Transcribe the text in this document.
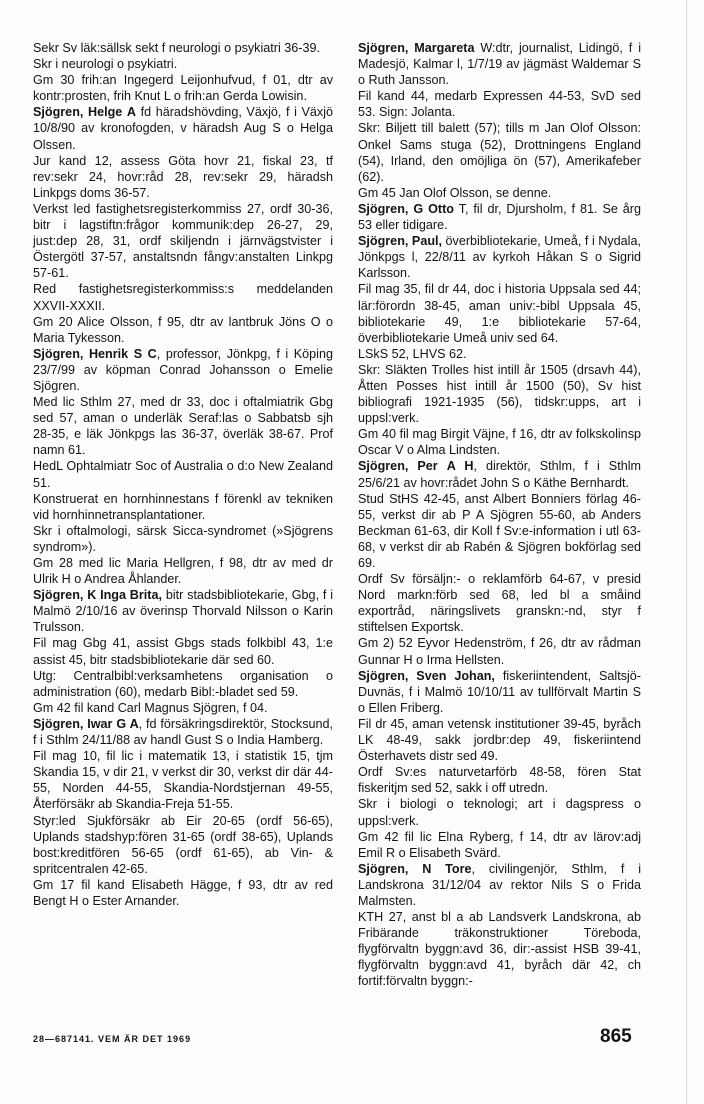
Sekr Sv läk:sällsk sekt f neurologi o psykiatri 36-39.
Skr i neurologi o psykiatri.
Gm 30 frih:an Ingegerd Leijonhufvud, f 01, dtr av kontr:prosten, frih Knut L o frih:an Gerda Lowisin.
Sjögren, Helge A fd häradshövding, Växjö, f i Växjö 10/8/90 av kronofogden, v häradsh Aug S o Helga Olssen.
Jur kand 12, assess Göta hovr 21, fiskal 23, tf rev:sekr 24, hovr:råd 28, rev:sekr 29, häradsh Linkpgs doms 36-57.
Verkst led fastighetsregisterkommiss 27, ordf 30-36, bitr i lagstiftn:frågor kommunik:dep 26-27, 29, just:dep 28, 31, ordf skiljendn i järnvägstvister i Östergötl 37-57, anstaltsndn fångv:anstalten Linkpg 57-61.
Red fastighetsregisterkommiss:s meddelanden XXVII-XXXII.
Gm 20 Alice Olsson, f 95, dtr av lantbruk Jöns O o Maria Tykesson.
Sjögren, Henrik S C, professor, Jönkpg, f i Köping 23/7/99 av köpman Conrad Johansson o Emelie Sjögren.
Med lic Sthlm 27, med dr 33, doc i oftalmiatrik Gbg sed 57, aman o underläk Seraf:las o Sabbatsb sjh 28-35, e läk Jönkpgs las 36-37, överläk 38-67. Prof namn 61.
HedL Ophtalmiatr Soc of Australia o d:o New Zealand 51.
Konstruerat en hornhinnestans f förenkl av tekniken vid hornhinnetransplantationer.
Skr i oftalmologi, särsk Sicca-syndromet (»Sjögrens syndrom»).
Gm 28 med lic Maria Hellgren, f 98, dtr av med dr Ulrik H o Andrea Åhlander.
Sjögren, K Inga Brita, bitr stadsbibliotekarie, Gbg, f i Malmö 2/10/16 av överinsp Thorvald Nilsson o Karin Trulsson.
Fil mag Gbg 41, assist Gbgs stads folkbibl 43, 1:e assist 45, bitr stadsbibliotekarie där sed 60.
Utg: Centralbibl:verksamhetens organisation o administration (60), medarb Bibl:-bladet sed 59.
Gm 42 fil kand Carl Magnus Sjögren, f 04.
Sjögren, Iwar G A, fd försäkringsdirektör, Stocksund, f i Sthlm 24/11/88 av handl Gust S o India Hamberg.
Fil mag 10, fil lic i matematik 13, i statistik 15, tjm Skandia 15, v dir 21, v verkst dir 30, verkst dir där 44-55, Norden 44-55, Skandia-Nordstjernan 49-55, Återförsäkr ab Skandia-Freja 51-55.
Styr:led Sjukförsäkr ab Eir 20-65 (ordf 56-65), Uplands stadshyp:fören 31-65 (ordf 38-65), Uplands bost:kreditfören 56-65 (ordf 61-65), ab Vin- & spritcentralen 42-65.
Gm 17 fil kand Elisabeth Hägge, f 93, dtr av red Bengt H o Ester Arnander.
Sjögren, Margareta W:dtr, journalist, Lidingö, f i Madesjö, Kalmar l, 1/7/19 av jägmäst Waldemar S o Ruth Jansson.
Fil kand 44, medarb Expressen 44-53, SvD sed 53. Sign: Jolanta.
Skr: Biljett till balett (57); tills m Jan Olof Olsson: Onkel Sams stuga (52), Drottningens England (54), Irland, den omöjliga ön (57), Amerikafeber (62).
Gm 45 Jan Olof Olsson, se denne.
Sjögren, G Otto T, fil dr, Djursholm, f 81. Se årg 53 eller tidigare.
Sjögren, Paul, överbibliotekarie, Umeå, f i Nydala, Jönkpgs l, 22/8/11 av kyrkoh Håkan S o Sigrid Karlsson.
Fil mag 35, fil dr 44, doc i historia Uppsala sed 44; lär:förordn 38-45, aman univ:-bibl Uppsala 45, bibliotekarie 49, 1:e bibliotekarie 57-64, överbibliotekarie Umeå univ sed 64.
LSkS 52, LHVS 62.
Skr: Släkten Trolles hist intill år 1505 (drsavh 44), Åtten Posses hist intill år 1500 (50), Sv hist bibliografi 1921-1935 (56), tidskr:upps, art i uppsl:verk.
Gm 40 fil mag Birgit Väjne, f 16, dtr av folkskolinsp Oscar V o Alma Lindsten.
Sjögren, Per A H, direktör, Sthlm, f i Sthlm 25/6/21 av hovr:rådet John S o Käthe Bernhardt.
Stud StHS 42-45, anst Albert Bonniers förlag 46-55, verkst dir ab P A Sjögren 55-60, ab Anders Beckman 61-63, dir Koll f Sv:e-information i utl 63-68, v verkst dir ab Rabén & Sjögren bokförlag sed 69.
Ordf Sv försäljn:- o reklamförb 64-67, v presid Nord markn:förb sed 68, led bl a småind exportråd, näringslivets granskn:-nd, styr f stiftelsen Exportsk.
Gm 2) 52 Eyvor Hedenström, f 26, dtr av rådman Gunnar H o Irma Hellsten.
Sjögren, Sven Johan, fiskeriintendent, Saltsjö-Duvnäs, f i Malmö 10/10/11 av tullförvalt Martin S o Ellen Friberg.
Fil dr 45, aman vetensk institutioner 39-45, byråch LK 48-49, sakk jordbr:dep 49, fiskeriintend Österhavets distr sed 49.
Ordf Sv:es naturvetarförb 48-58, fören Stat fiskeritjm sed 52, sakk i off utredn.
Skr i biologi o teknologi; art i dagspress o uppsl:verk.
Gm 42 fil lic Elna Ryberg, f 14, dtr av lärov:adj Emil R o Elisabeth Svärd.
Sjögren, N Tore, civilingenjör, Sthlm, f i Landskrona 31/12/04 av rektor Nils S o Frida Malmsten.
KTH 27, anst bl a ab Landsverk Landskrona, ab Fribärande träkonstruktioner Töreboda, flygförvaltn byggn:avd 36, dir:-assist HSB 39-41, flygförvaltn byggn:avd 41, byråch där 42, ch fortif:förvaltn byggn:-
28—687141. VEM ÄR DET 1969	865
